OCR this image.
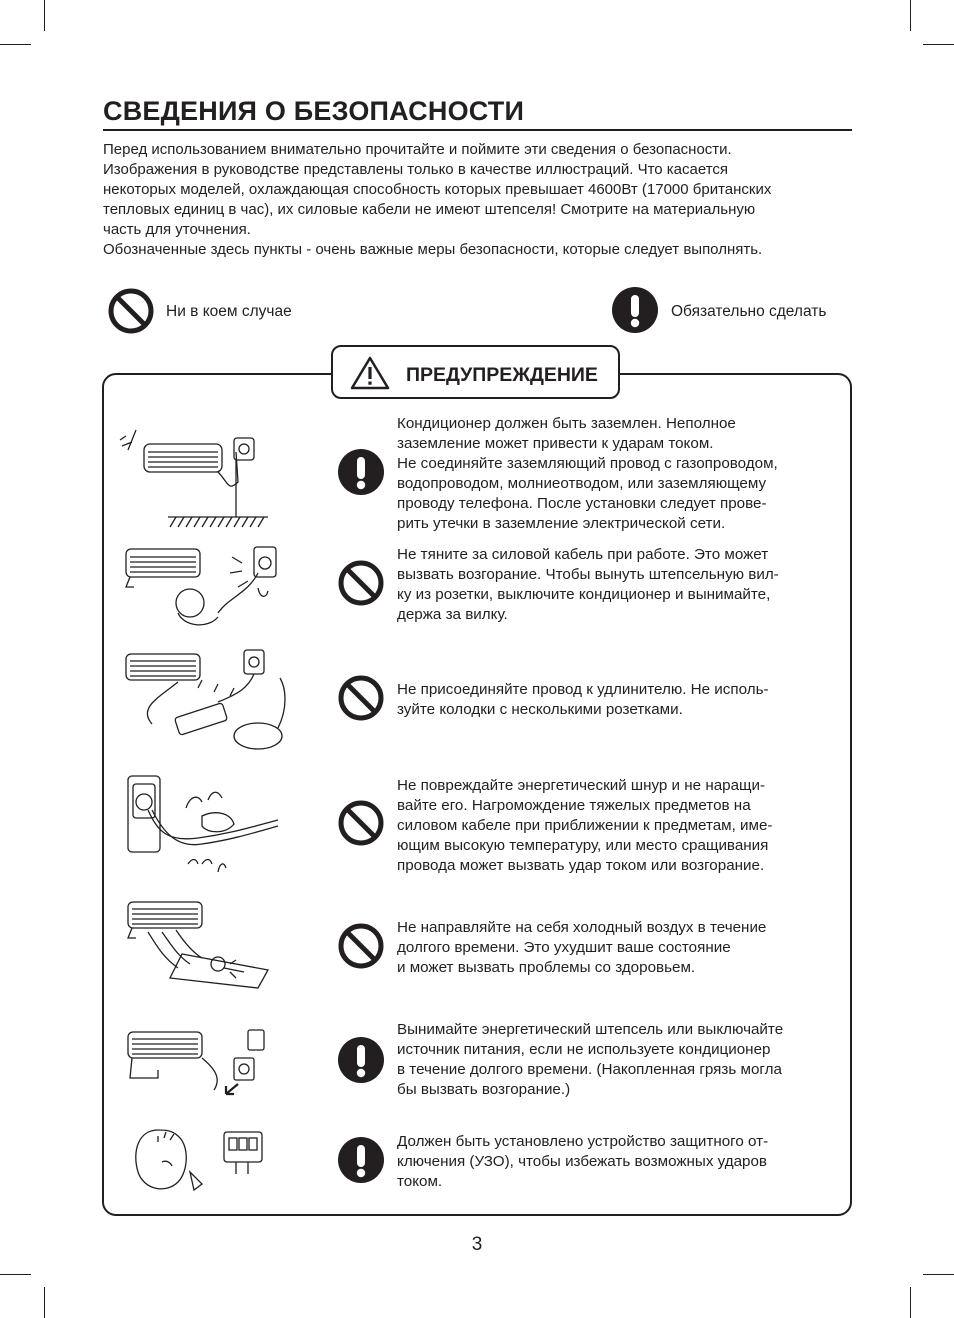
СВЕДЕНИЯ О БЕЗОПАСНОСТИ

Перед использованием внимательно прочитайте и поймите эти сведения о безопасности.

Изображения в руководстве представлены только в качестве иллюстраций. Что касается

некоторых моделей, охлаждающая способность которых превышает 4600Вт (17000 британских

тепловых единиц в час), их силовые кабели не имеют штепселя! Смотрите на материальную

часть для уточнения.

Обозначенные здесь пункты - очень важные меры безопасности, которые следует выполнять.

Ни в коем случае	Обязательно сделать
ПРЕДУПРЕЖДЕНИЕ
Кондиционер должен быть заземлен. Неполное
заземление может привести к ударам током.
Не соединяйте заземляющий провод с газопроводом,
водопроводом, молниеотводом, или заземляющему
проводу телефона. После установки следует прове-
рить утечки в заземление электрической сети.
Не тяните за силовой кабель при работе. Это может
вызвать возгорание. Чтобы вынуть штепсельную вил-
ку из розетки, выключите кондиционер и вынимайте,
держа за вилку.
Не присоединяйте провод к удлинителю. Не исполь-
зуйте колодки с несколькими розетками.
Не повреждайте энергетический шнур и не наращи-
вайте его. Нагромождение тяжелых предметов на
силовом кабеле при приближении к предметам, име-
ющим высокую температуру, или место сращивания
провода может вызвать удар током или возгорание.
Не направляйте на себя холодный воздух в течение
долгого времени. Это ухудшит ваше состояние
и может вызвать проблемы со здоровьем.
Вынимайте энергетический штепсель или выключайте
источник питания, если не используете кондиционер
в течение долгого времени. (Накопленная грязь могла
бы вызвать возгорание.)
Должен быть установлено устройство защитного от-
ключения (УЗО), чтобы избежать возможных ударов
током.
3
